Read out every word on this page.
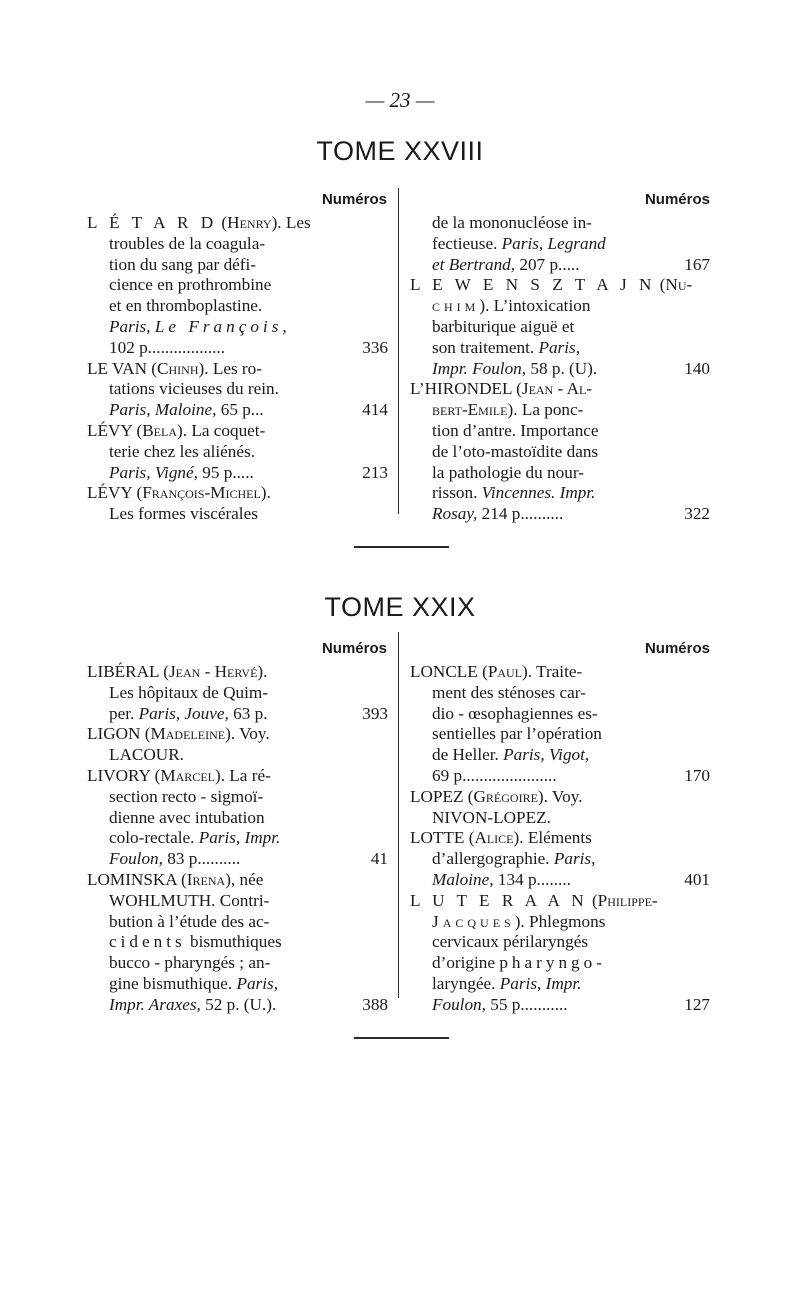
— 23 —
TOME XXVIII
Numéros	Numéros
L É T A R D (Henry). Les
troubles de la coagula-
tion du sang par défi-
cience en prothrombine
et en thromboplastine.
Paris, Le François,
102 p..................	336
LE VAN (Chinh). Les ro-
tations vicieuses du rein.
Paris, Maloine, 65 p...	414
LÉVY (Bela). La coquet-
terie chez les aliénés.
Paris, Vigné, 95 p.....	213
LÉVY (François-Michel).
Les formes viscérales
de la mononucléose in-
fectieuse. Paris, Legrand
et Bertrand, 207 p.....	167
L E W E N S Z T A J N (Nu-
chim). L’intoxication
barbiturique aiguë et
son traitement. Paris,
Impr. Foulon, 58 p. (U).	140
L’HIRONDEL (Jean - Al-
bert-Emile). La ponc-
tion d’antre. Importance
de l’oto-mastoïdite dans
la pathologie du nour-
risson. Vincennes. Impr.
Rosay, 214 p..........	322
TOME XXIX
Numéros	Numéros
LIBÉRAL (Jean - Hervé).
Les hôpitaux de Quim-
per. Paris, Jouve, 63 p.	393
LIGON (Madeleine). Voy.
LACOUR.
LIVORY (Marcel). La ré-
section recto - sigmoï-
dienne avec intubation
colo-rectale. Paris, Impr.
Foulon, 83 p..........	41
LOMINSKA (Irena), née
WOHLMUTH. Contri-
bution à l’étude des ac-
cidents bismuthiques
bucco - pharyngés ; an-
gine bismuthique. Paris,
Impr. Araxes, 52 p. (U.).	388
LONCLE (Paul). Traite-
ment des sténoses car-
dio - œsophagiennes es-
sentielles par l’opération
de Heller. Paris, Vigot,
69 p......................	170
LOPEZ (Grégoire). Voy.
NIVON-LOPEZ.
LOTTE (Alice). Eléments
d’allergographie. Paris,
Maloine, 134 p........	401
L U T E R A A N (Philippe-
Jacques). Phlegmons
cervicaux périlaryngés
d’origine pharyngo-
laryngée. Paris, Impr.
Foulon, 55 p...........	127
